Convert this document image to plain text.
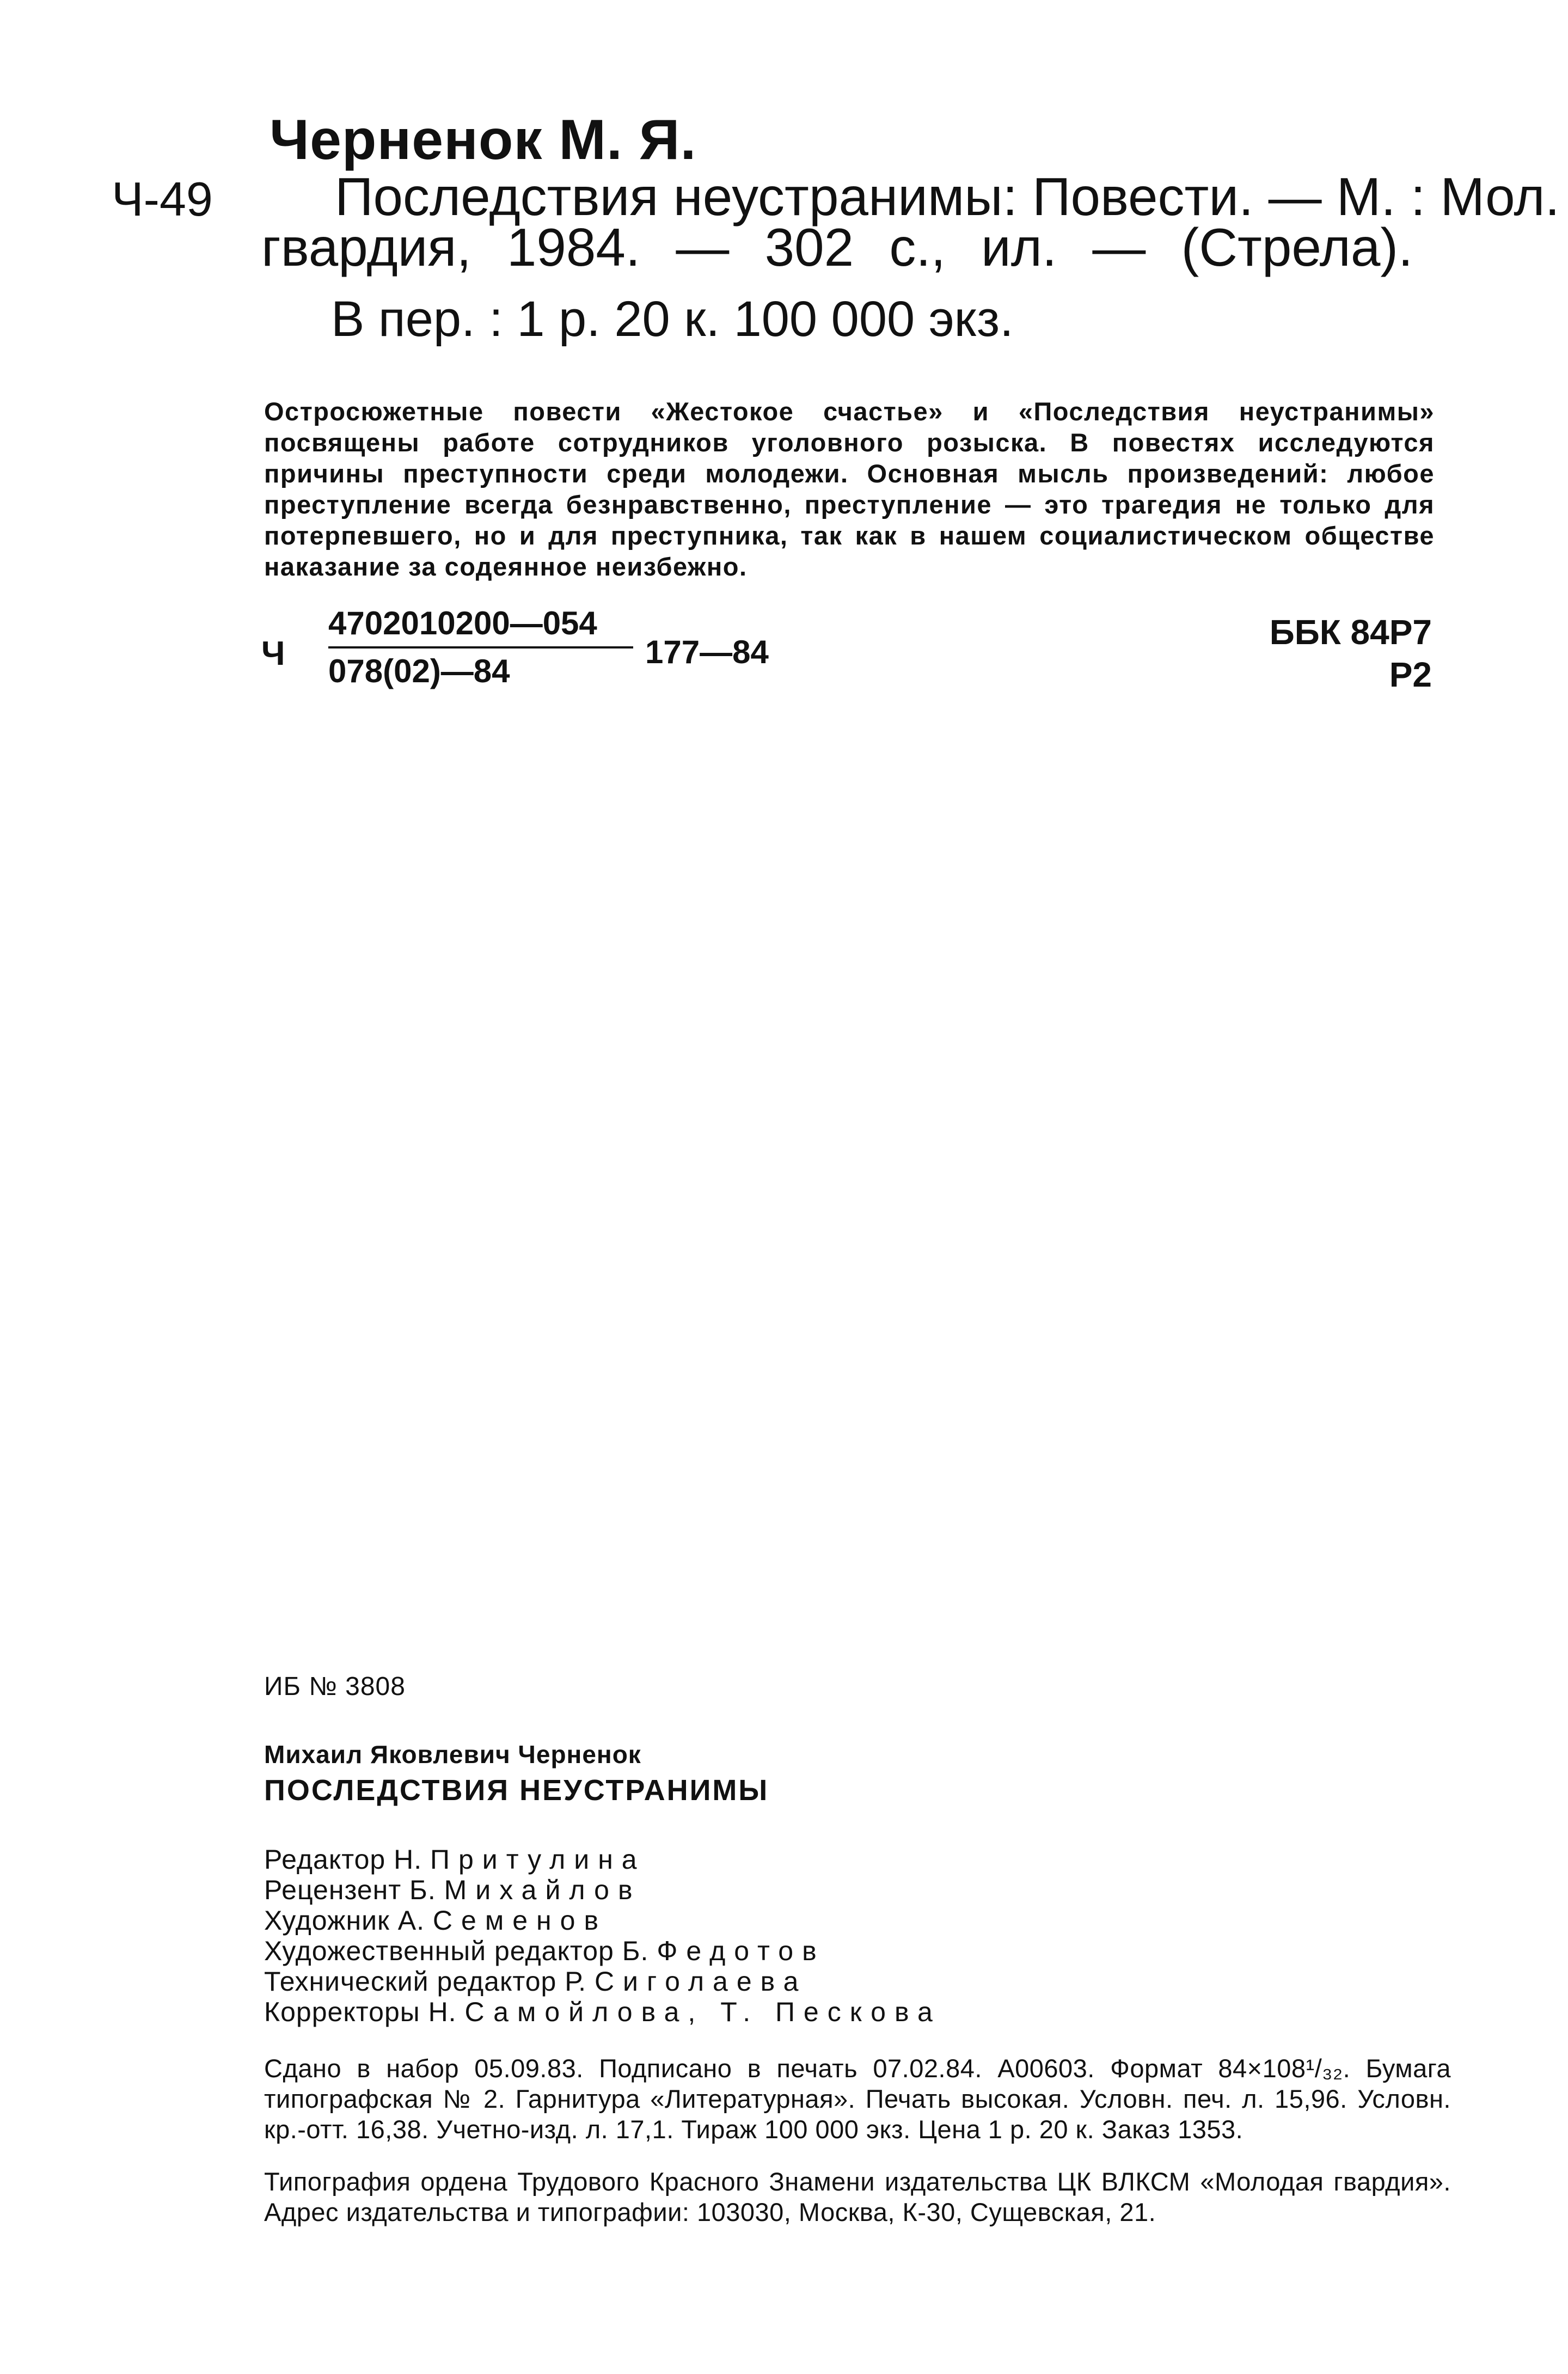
Черненок М. Я.
Ч-49 Последствия неустранимы: Повести. — М. : Мол.
гвардия, 1984. — 302 с., ил. — (Стрела).
В пер. : 1 р. 20 к. 100 000 экз.

Остросюжетные повести «Жестокое счастье» и «Последствия неустранимы» посвящены работе сотрудников уголовного розыска. В повестях исследуются причины преступности среди молодежи. Основная мысль произведений: любое преступление всегда безнравственно, преступление — это трагедия не только для потерпевшего, но и для преступника, так как в нашем социалистическом обществе наказание за содеянное неизбежно.

Ч $\frac{4702010200—054}{078(02)—84}$ 177—84
ББК 84Р7
Р2

ИБ № 3808

Михаил Яковлевич Черненок

ПОСЛЕДСТВИЯ НЕУСТРАНИМЫ

Редактор Н. Притулина
Рецензент Б. Михайлов
Художник А. Семенов
Художественный редактор Б. Федотов
Технический редактор Р. Сиголаева
Корректоры Н. Самойлова, Т. Пескова

Сдано в набор 05.09.83. Подписано в печать 07.02.84. А00603. Формат 84×108¹/₃₂. Бумага типографская № 2. Гарнитура «Литературная». Печать высокая. Условн. печ. л. 15,96. Условн. кр.-отт. 16,38. Учетно-изд. л. 17,1. Тираж 100 000 экз. Цена 1 р. 20 к. Заказ 1353.

Типография ордена Трудового Красного Знамени издательства ЦК ВЛКСМ «Молодая гвардия». Адрес издательства и типографии: 103030, Москва, К-30, Сущевская, 21.
